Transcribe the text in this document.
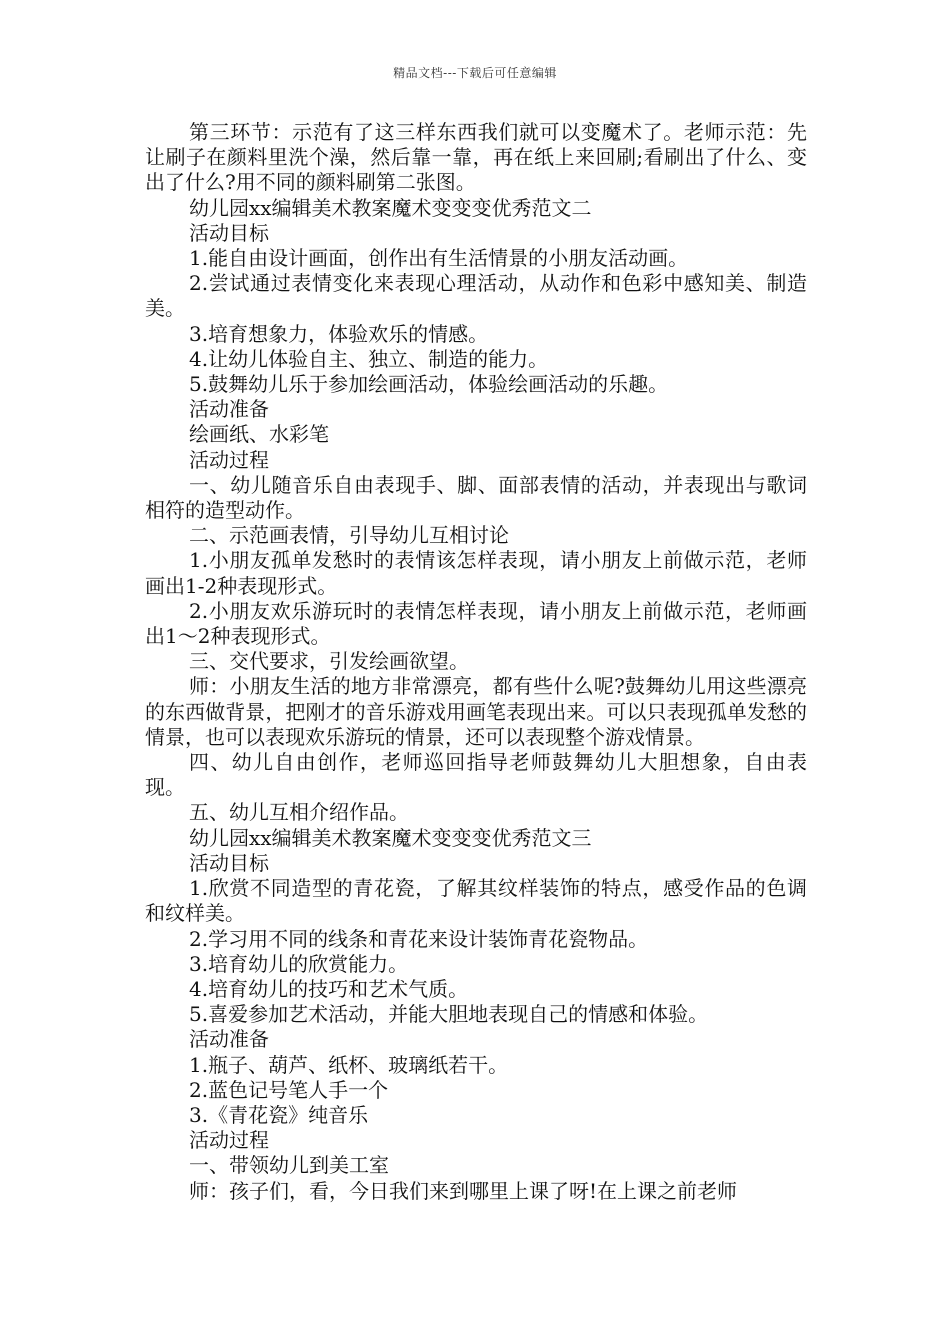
精品文档---下载后可任意编辑

第三环节：示范有了这三样东西我们就可以变魔术了。老师示范：先让刷子在颜料里洗个澡，然后靠一靠，再在纸上来回刷;看刷出了什么、变出了什么?用不同的颜料刷第二张图。

幼儿园xx编辑美术教案魔术变变变优秀范文二

活动目标

1.能自由设计画面，创作出有生活情景的小朋友活动画。

2.尝试通过表情变化来表现心理活动，从动作和色彩中感知美、制造美。

3.培育想象力，体验欢乐的情感。

4.让幼儿体验自主、独立、制造的能力。

5.鼓舞幼儿乐于参加绘画活动，体验绘画活动的乐趣。

活动准备

绘画纸、水彩笔

活动过程

一、幼儿随音乐自由表现手、脚、面部表情的活动，并表现出与歌词相符的造型动作。

二、示范画表情，引导幼儿互相讨论

1.小朋友孤单发愁时的表情该怎样表现，请小朋友上前做示范，老师画出1-2种表现形式。

2.小朋友欢乐游玩时的表情怎样表现，请小朋友上前做示范，老师画出1～2种表现形式。

三、交代要求，引发绘画欲望。

师：小朋友生活的地方非常漂亮，都有些什么呢?鼓舞幼儿用这些漂亮的东西做背景，把刚才的音乐游戏用画笔表现出来。可以只表现孤单发愁的情景，也可以表现欢乐游玩的情景，还可以表现整个游戏情景。

四、幼儿自由创作，老师巡回指导老师鼓舞幼儿大胆想象，自由表现。

五、幼儿互相介绍作品。

幼儿园xx编辑美术教案魔术变变变优秀范文三

活动目标

1.欣赏不同造型的青花瓷，了解其纹样装饰的特点，感受作品的色调和纹样美。

2.学习用不同的线条和青花来设计装饰青花瓷物品。

3.培育幼儿的欣赏能力。

4.培育幼儿的技巧和艺术气质。

5.喜爱参加艺术活动，并能大胆地表现自己的情感和体验。

活动准备

1.瓶子、葫芦、纸杯、玻璃纸若干。

2.蓝色记号笔人手一个

3.《青花瓷》纯音乐

活动过程

一、带领幼儿到美工室

师：孩子们，看，今日我们来到哪里上课了呀!在上课之前老师
